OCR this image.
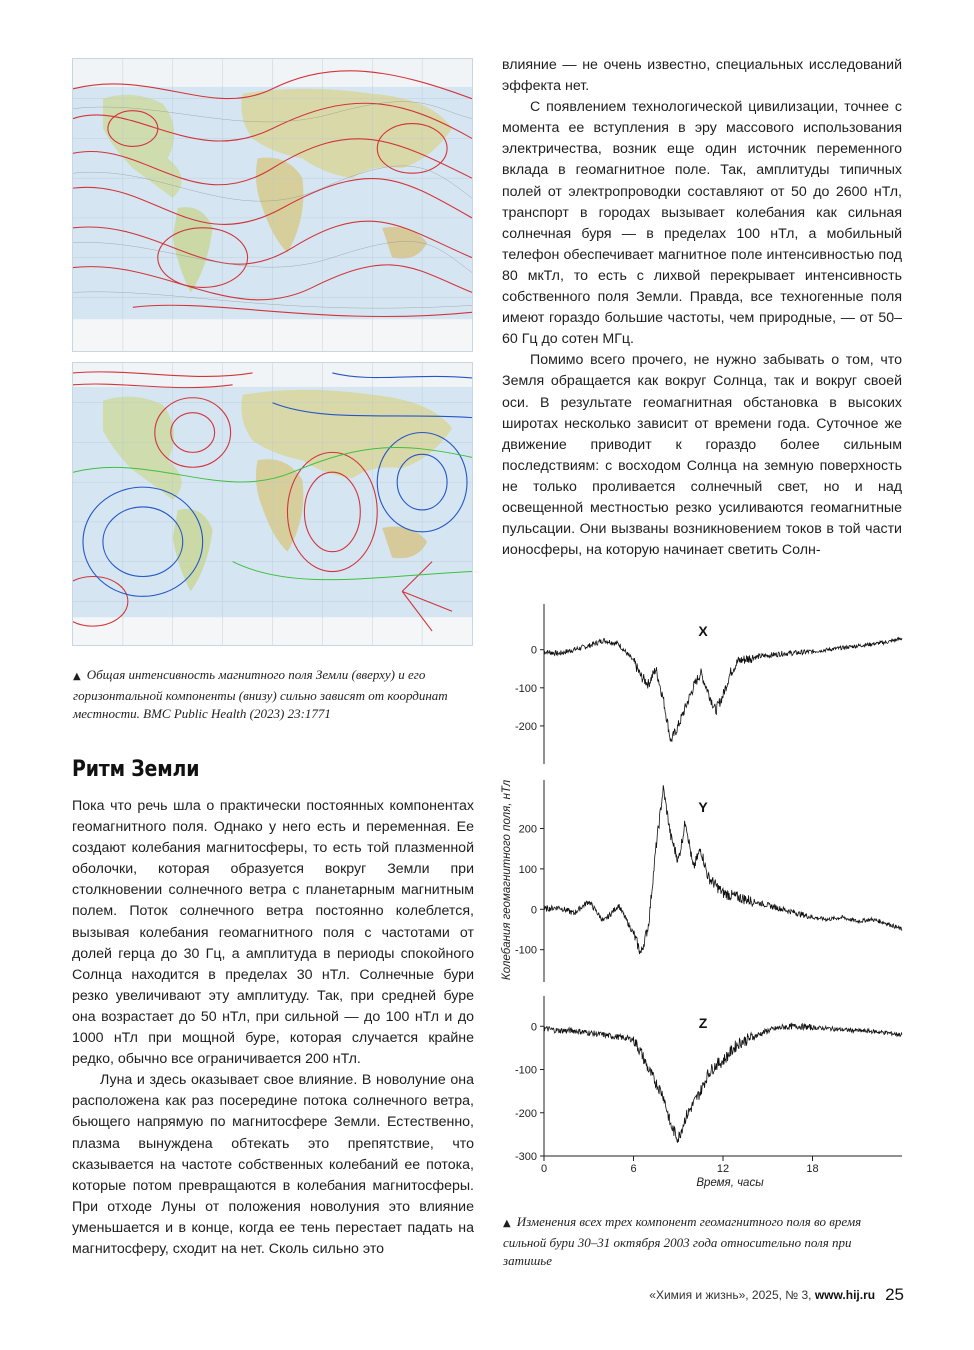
▲ Общая интенсивность магнитного поля Земли (вверху) и его горизонтальной компоненты (внизу) сильно зависят от координат местности. BMC Public Health (2023) 23:1771
Ритм Земли

Пока что речь шла о практически постоянных компонентах геомагнитного поля. Однако у него есть и переменная. Ее создают колебания магнитосферы, то есть той плазменной оболочки, которая образуется вокруг Земли при столкновении солнечного ветра с планетарным магнитным полем. Поток солнечного ветра постоянно колеблется, вызывая колебания геомагнитного поля с частотами от долей герца до 30 Гц, а амплитуда в периоды спокойного Солнца находится в пределах 30 нТл. Солнечные бури резко увеличивают эту амплитуду. Так, при средней буре она возрастает до 50 нТл, при сильной — до 100 нТл и до 1000 нТл при мощной буре, которая случается крайне редко, обычно все ограничивается 200 нТл.

Луна и здесь оказывает свое влияние. В новолуние она расположена как раз посередине потока солнечного ветра, бьющего напрямую по магнитосфере Земли. Естественно, плазма вынуждена обтекать это препятствие, что сказывается на частоте собственных колебаний ее потока, которые потом превращаются в колебания магнитосферы. При отходе Луны от положения новолуния это влияние уменьшается и в конце, когда ее тень перестает падать на магнитосферу, сходит на нет. Сколь сильно это

влияние — не очень известно, специальных исследований эффекта нет.

С появлением технологической цивилизации, точнее с момента ее вступления в эру массового использования электричества, возник еще один источник переменного вклада в геомагнитное поле. Так, амплитуды типичных полей от электропроводки составляют от 50 до 2600 нТл, транспорт в городах вызывает колебания как сильная солнечная буря — в пределах 100 нТл, а мобильный телефон обеспечивает магнитное поле интенсивностью под 80 мкТл, то есть с лихвой перекрывает интенсивность собственного поля Земли. Правда, все техногенные поля имеют гораздо большие частоты, чем природные, — от 50–60 Гц до сотен МГц.

Помимо всего прочего, не нужно забывать о том, что Земля обращается как вокруг Солнца, так и вокруг своей оси. В результате геомагнитная обстановка в высоких широтах несколько зависит от времени года. Суточное же движение приводит к гораздо более сильным последствиям: с восходом Солнца на земную поверхность не только проливается солнечный свет, но и над освещенной местностью резко усиливаются геомагнитные пульсации. Они вызваны возникновением токов в той части ионосферы, на которую начинает светить Солн-

0
-100
-200
X
200
100
0
-100
Y
0
-100
-200
-300
Z
0	6	12	18
Время, часы
Колебания геомагнитного поля, нТл
▲ Изменения всех трех компонент геомагнитного поля во время сильной бури 30–31 октября 2003 года относительно поля при затишье
«Химия и жизнь», 2025, № 3, www.hij.ru 25
